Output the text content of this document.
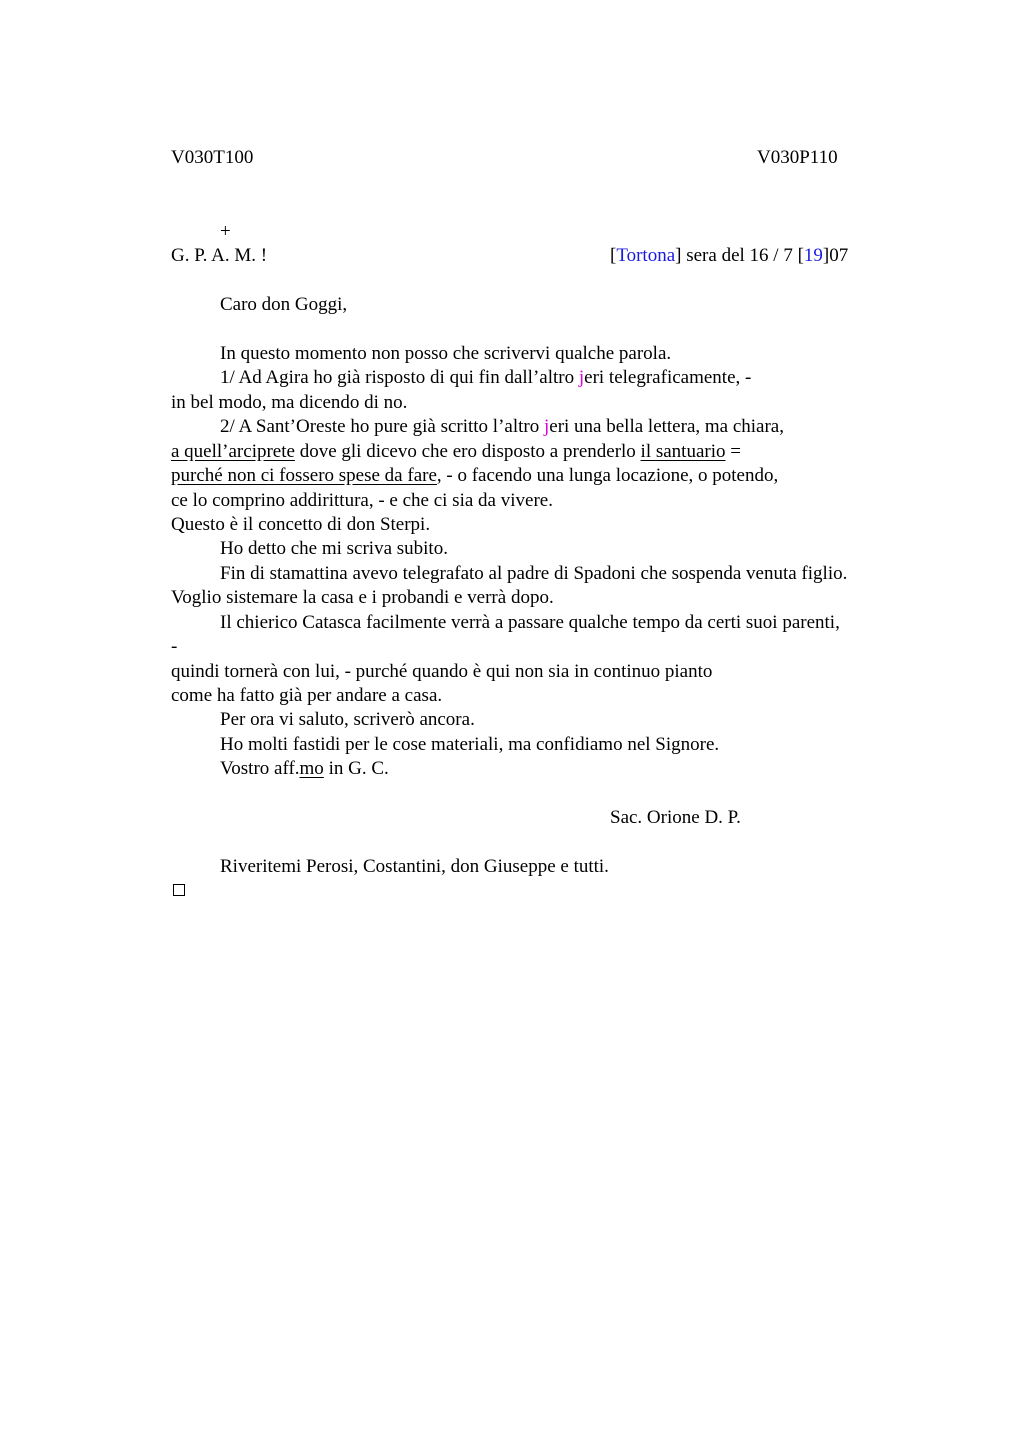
V030T100	V030P110
+
G. P. A. M. !	[Tortona] sera del 16 / 7 [19]07
Caro don Goggi,
In questo momento non posso che scrivervi qualche parola.
1/ Ad Agira ho già risposto di qui fin dall’altro jeri telegraficamente, -
in bel modo, ma dicendo di no.
2/ A Sant’Oreste ho pure già scritto l’altro jeri una bella lettera, ma chiara,
a quell’arciprete dove gli dicevo che ero disposto a prenderlo il santuario =
purché non ci fossero spese da fare, - o facendo una lunga locazione, o potendo,
ce lo comprino addirittura, - e che ci sia da vivere.
Questo è il concetto di don Sterpi.
Ho detto che mi scriva subito.
Fin di stamattina avevo telegrafato al padre di Spadoni che sospenda venuta figlio.
Voglio sistemare la casa e i probandi e verrà dopo.
Il chierico Catasca facilmente verrà a passare qualche tempo da certi suoi parenti,
-
quindi tornerà con lui, - purché quando è qui non sia in continuo pianto
come ha fatto già per andare a casa.
Per ora vi saluto, scriverò ancora.
Ho molti fastidi per le cose materiali, ma confidiamo nel Signore.
Vostro aff.mo in G. C.
Sac. Orione D. P.
Riveritemi Perosi, Costantini, don Giuseppe e tutti.
